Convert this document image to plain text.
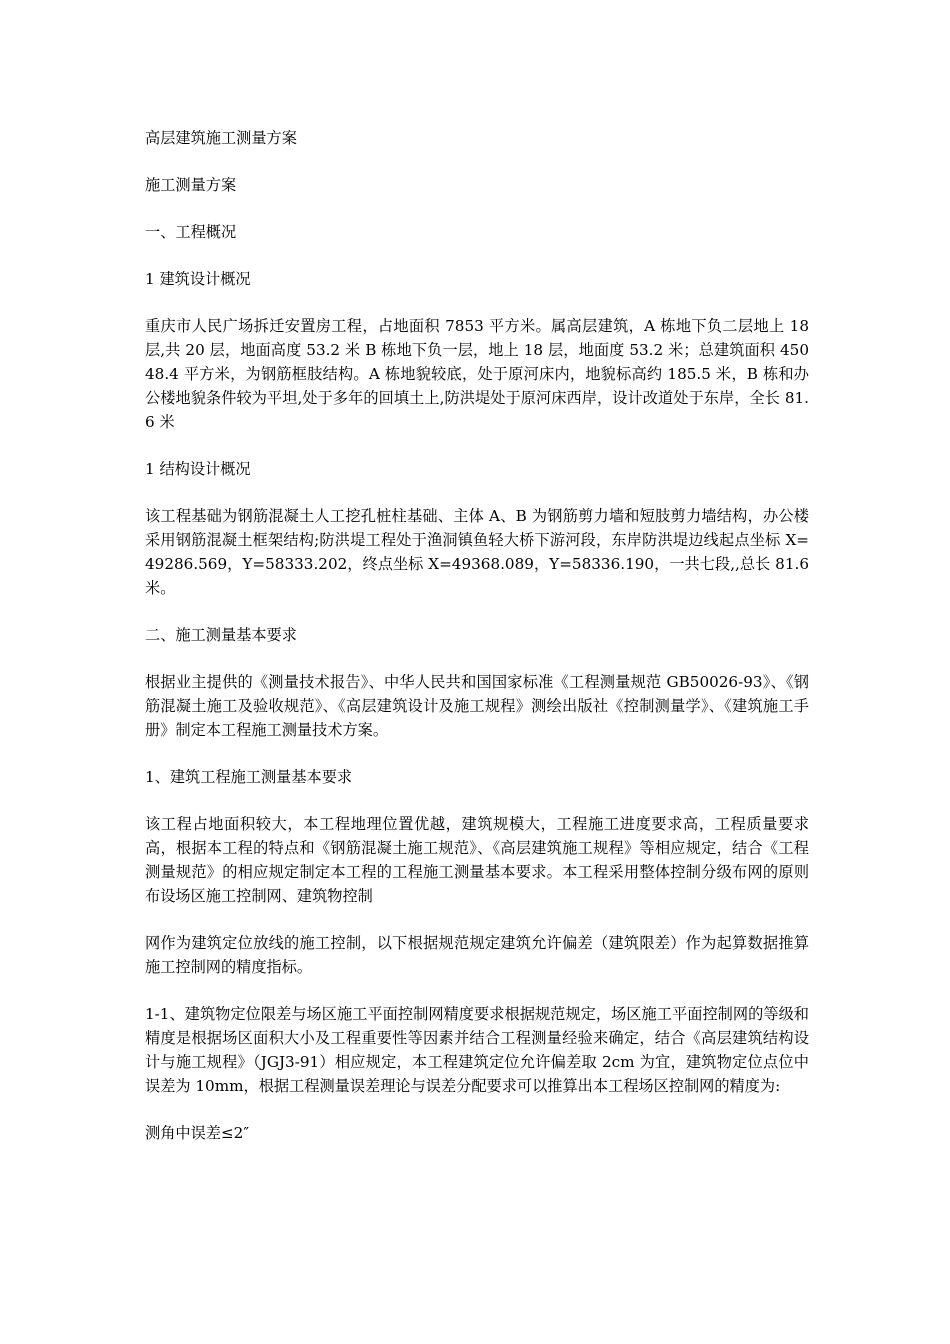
高层建筑施工测量方案

施工测量方案

一、工程概况

1 建筑设计概况

重庆市人民广场拆迁安置房工程，占地面积 7853 平方米。属高层建筑，A 栋地下负二层地上 18 层,共 20 层，地面高度 53.2 米 B 栋地下负一层，地上 18 层，地面度 53.2 米；总建筑面积 45048.4 平方米，为钢筋框肢结构。A 栋地貌较底，处于原河床内，地貌标高约 185.5 米，B 栋和办公楼地貌条件较为平坦,处于多年的回填土上,防洪堤处于原河床西岸，设计改道处于东岸，全长 81.6 米

1 结构设计概况

该工程基础为钢筋混凝土人工挖孔桩柱基础、主体 A、B 为钢筋剪力墙和短肢剪力墙结构，办公楼采用钢筋混凝土框架结构;防洪堤工程处于渔洞镇鱼轻大桥下游河段，东岸防洪堤边线起点坐标 X=49286.569，Y=58333.202，终点坐标 X=49368.089，Y=58336.190，一共七段,,总长 81.6 米。

二、施工测量基本要求

根据业主提供的《测量技术报告》、中华人民共和国国家标准《工程测量规范 GB50026-93》、《钢筋混凝土施工及验收规范》、《高层建筑设计及施工规程》测绘出版社《控制测量学》、《建筑施工手册》制定本工程施工测量技术方案。

1、建筑工程施工测量基本要求

该工程占地面积较大，本工程地理位置优越，建筑规模大，工程施工进度要求高，工程质量要求高，根据本工程的特点和《钢筋混凝土施工规范》、《高层建筑施工规程》等相应规定，结合《工程测量规范》的相应规定制定本工程的工程施工测量基本要求。本工程采用整体控制分级布网的原则布设场区施工控制网、建筑物控制

网作为建筑定位放线的施工控制，以下根据规范规定建筑允许偏差（建筑限差）作为起算数据推算施工控制网的精度指标。

1-1、建筑物定位限差与场区施工平面控制网精度要求根据规范规定，场区施工平面控制网的等级和精度是根据场区面积大小及工程重要性等因素并结合工程测量经验来确定，结合《高层建筑结构设计与施工规程》（JGJ3-91）相应规定，本工程建筑定位允许偏差取 2cm 为宜，建筑物定位点位中误差为 10mm，根据工程测量误差理论与误差分配要求可以推算出本工程场区控制网的精度为:

测角中误差≤2″
